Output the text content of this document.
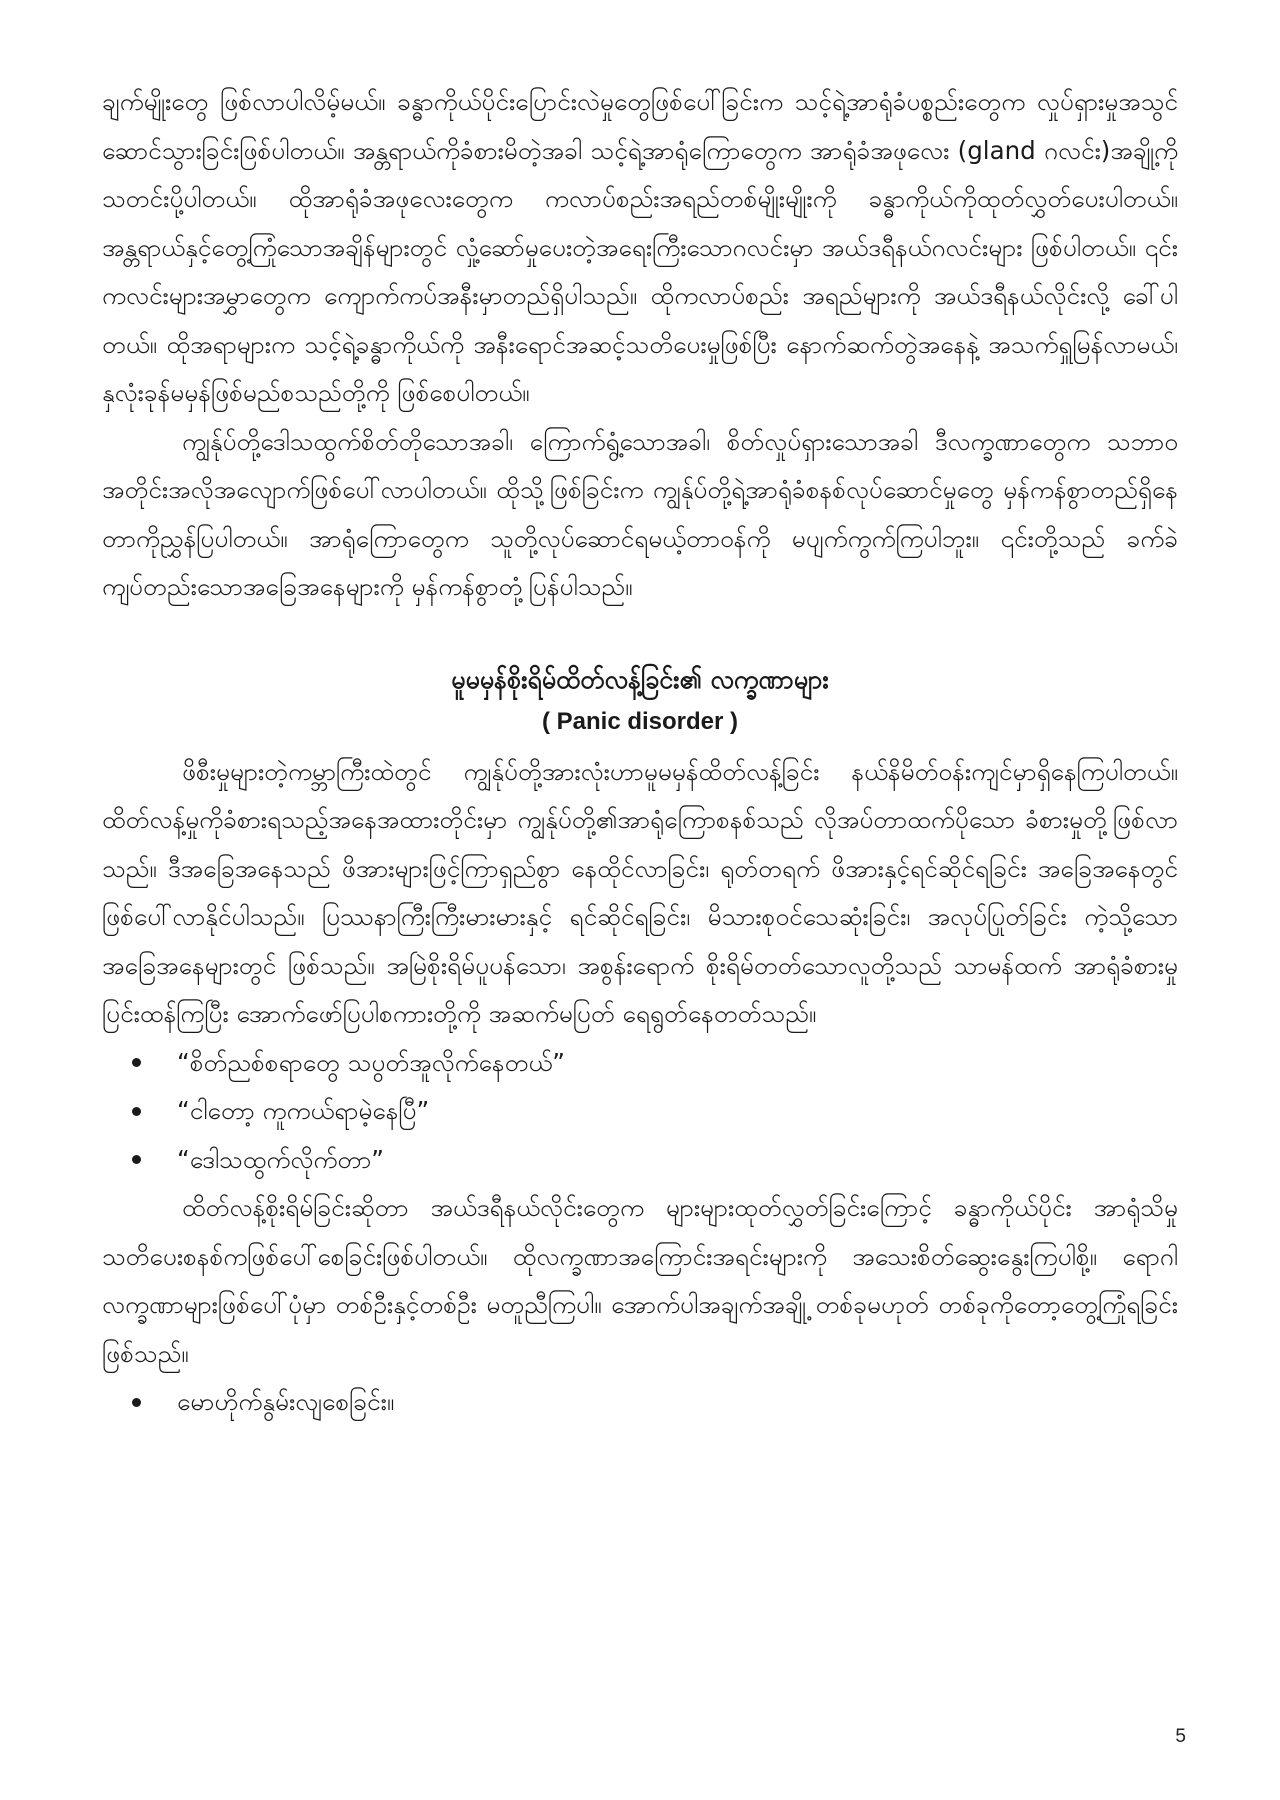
ချက်မျိုးတွေ ဖြစ်လာပါလိမ့်မယ်။ ခန္ဓာကိုယ်ပိုင်းပြောင်းလဲမှုတွေဖြစ်ပေါ်ခြင်းက သင့်ရဲ့အာရုံခံပစ္စည်းတွေက လှုပ်ရှားမှုအသွင်ဆောင်သွားခြင်းဖြစ်ပါတယ်။ အန္တရာယ်ကိုခံစားမိတဲ့အခါ သင့်ရဲ့အာရုံကြောတွေက အာရုံခံအဖုလေး (gland ဂလင်း)အချို့ကို သတင်းပို့ပါတယ်။ ထိုအာရုံခံအဖုလေးတွေက ကလာပ်စည်းအရည်တစ်မျိုးမျိုးကို ခန္ဓာကိုယ်ကိုထုတ်လွှတ်ပေးပါတယ်။ အန္တရာယ်နှင့်တွေ့ကြုံသောအချိန်များတွင် လှုံ့ဆော်မှုပေးတဲ့အရေးကြီးသောဂလင်းမှာ အယ်ဒရီနယ်ဂလင်းများ ဖြစ်ပါတယ်။ ၎င်းကလင်းများအမွှာတွေက ကျောက်ကပ်အနီးမှာတည်ရှိပါသည်။ ထိုကလာပ်စည်း အရည်များကို အယ်ဒရီနယ်လိုင်းလို့ ခေါ်ပါတယ်။ ထိုအရာများက သင့်ရဲ့ခန္ဓာကိုယ်ကို အနီးရောင်အဆင့်သတိပေးမှုဖြစ်ပြီး နောက်ဆက်တွဲအနေနဲ့ အသက်ရှူမြန်လာမယ်၊ နှလုံးခုန်မမှန်ဖြစ်မည်စသည်တို့ကို ဖြစ်စေပါတယ်။

ကျွန်ုပ်တို့ဒေါသထွက်စိတ်တိုသောအခါ၊ ကြောက်ရွံ့သောအခါ၊ စိတ်လှုပ်ရှားသောအခါ ဒီလက္ခဏာတွေက သဘာဝအတိုင်းအလိုအလျောက်ဖြစ်ပေါ်လာပါတယ်။ ထိုသို့ဖြစ်ခြင်းက ကျွန်ုပ်တို့ရဲ့အာရုံခံစနစ်လုပ်ဆောင်မှုတွေ မှန်ကန်စွာတည်ရှိနေတာကိုညွှန်ပြပါတယ်။ အာရုံကြောတွေက သူတို့လုပ်ဆောင်ရမယ့်တာဝန်ကို မပျက်ကွက်ကြပါဘူး။ ၎င်းတို့သည် ခက်ခဲကျပ်တည်းသောအခြေအနေများကို မှန်ကန်စွာတုံ့ပြန်ပါသည်။

မူမမှန်စိုးရိမ်ထိတ်လန့်ခြင်း၏ လက္ခဏာများ
( Panic disorder )

ဖိစီးမှုများတဲ့ကမ္ဘာကြီးထဲတွင် ကျွန်ုပ်တို့အားလုံးဟာမူမမှန်ထိတ်လန့်ခြင်း နယ်နိမိတ်ဝန်းကျင်မှာရှိနေကြပါတယ်။ ထိတ်လန့်မှုကိုခံစားရသည့်အနေအထားတိုင်းမှာ ကျွန်ုပ်တို့၏အာရုံကြောစနစ်သည် လိုအပ်တာထက်ပိုသော ခံစားမှုတို့ဖြစ်လာသည်။ ဒီအခြေအနေသည် ဖိအားများဖြင့်ကြာရှည်စွာ နေထိုင်လာခြင်း၊ ရုတ်တရက် ဖိအားနှင့်ရင်ဆိုင်ရခြင်း အခြေအနေတွင်ဖြစ်ပေါ်လာနိုင်ပါသည်။ ပြဿနာကြီးကြီးမားမားနှင့် ရင်ဆိုင်ရခြင်း၊ မိသားစုဝင်သေဆုံးခြင်း၊ အလုပ်ပြုတ်ခြင်း ကဲ့သို့သောအခြေအနေများတွင် ဖြစ်သည်။ အမြဲစိုးရိမ်ပူပန်သော၊ အစွန်းရောက် စိုးရိမ်တတ်သောလူတို့သည် သာမန်ထက် အာရုံခံစားမှုပြင်းထန်ကြပြီး အောက်ဖော်ပြပါစကားတို့ကို အဆက်မပြတ် ရေရွတ်နေတတ်သည်။

“စိတ်ညစ်စရာတွေ သပွတ်အူလိုက်နေတယ်”
“ငါတော့ ကူကယ်ရာမဲ့နေပြီ”
“ဒေါသထွက်လိုက်တာ”

ထိတ်လန့်စိုးရိမ်ခြင်းဆိုတာ အယ်ဒရီနယ်လိုင်းတွေက များများထုတ်လွှတ်ခြင်းကြောင့် ခန္ဓာကိုယ်ပိုင်း အာရုံသိမှုသတိပေးစနစ်ကဖြစ်ပေါ်စေခြင်းဖြစ်ပါတယ်။ ထိုလက္ခဏာအကြောင်းအရင်းများကို အသေးစိတ်ဆွေးနွေးကြပါစို့။ ရောဂါလက္ခဏာများဖြစ်ပေါ်ပုံမှာ တစ်ဦးနှင့်တစ်ဦး မတူညီကြပါ။ အောက်ပါအချက်အချို့ တစ်ခုမဟုတ် တစ်ခုကိုတော့တွေ့ကြုံရခြင်း ဖြစ်သည်။

မောဟိုက်နွမ်းလျစေခြင်း။
5
